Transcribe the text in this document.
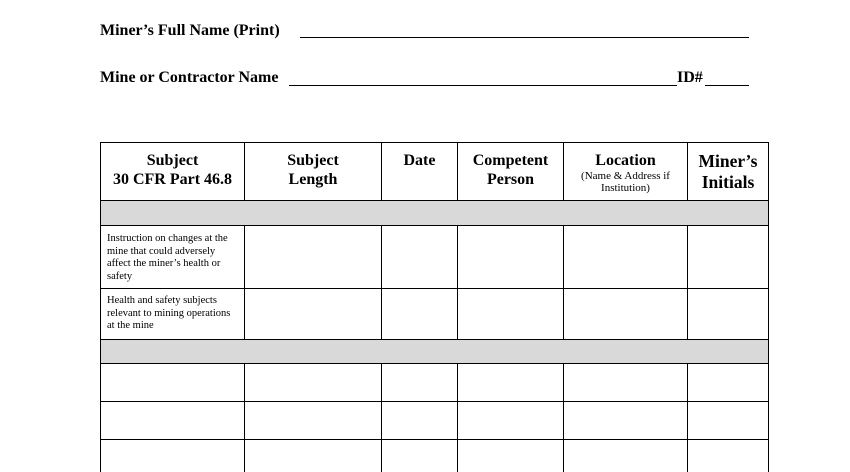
Miner’s Full Name (Print)
Mine or Contractor Name	ID#
Subject
30 CFR Part 46.8
Subject
Length
Date	Competent
Person
Location
(Name & Address if Institution)
Miner’s
Initials
Instruction on changes at the mine that could adversely affect the miner’s health or safety
Health and safety subjects relevant to mining operations at the mine
